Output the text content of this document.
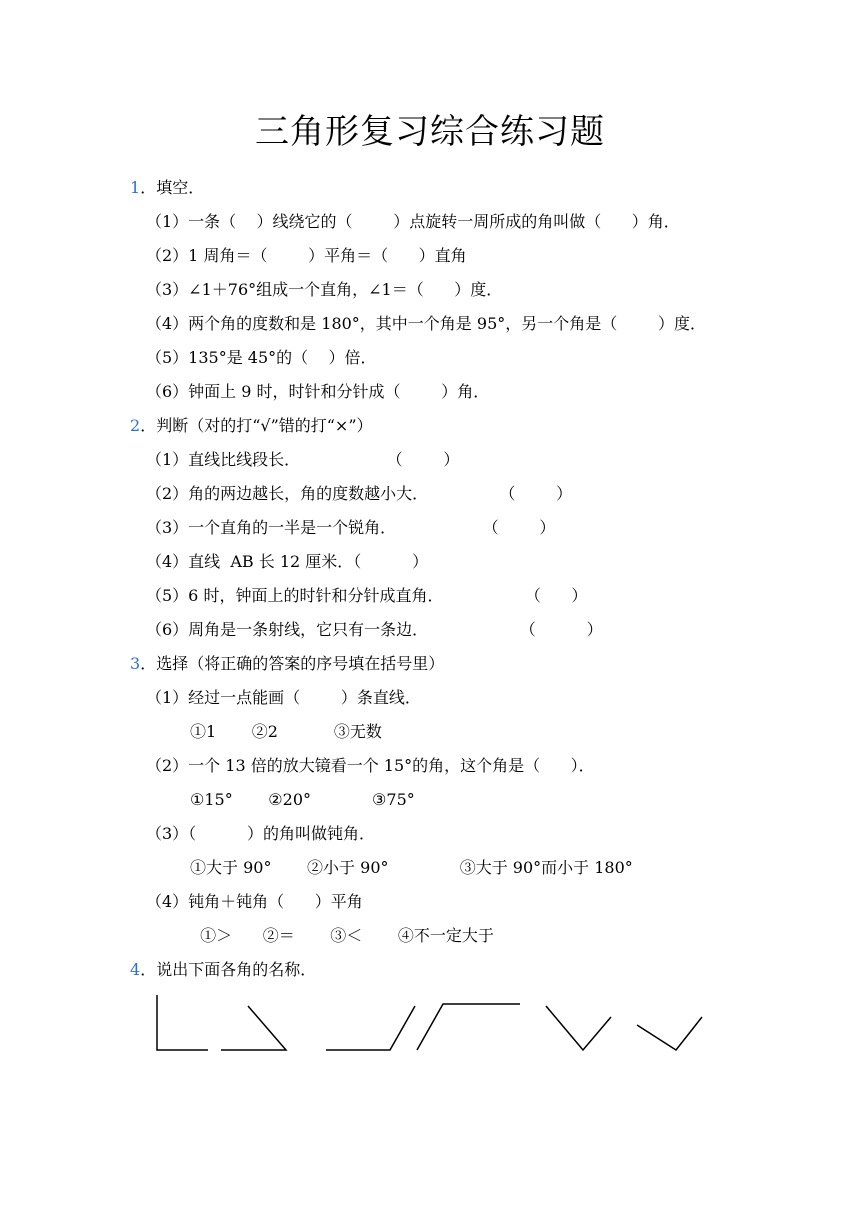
三角形复习综合练习题
1．填空．
（1）一条（    ）线绕它的（        ）点旋转一周所成的角叫做（      ）角．
（2）1 周角＝（        ）平角＝（      ）直角
（3）∠1＋76°组成一个直角，∠1＝（      ）度．
（4）两个角的度数和是 180°，其中一个角是 95°，另一个角是（        ）度．
（5）135°是 45°的（    ）倍．
（6）钟面上 9 时，时针和分针成（        ）角．
2．判断（对的打“√”错的打“×”）
（1）直线比线段长．                 （        ）
（2）角的两边越长，角的度数越小大．              （        ）
（3）一个直角的一半是一个锐角．                 （        ）
（4）直线  AB 长 12 厘米．（          ）
（5）6 时，钟面上的时针和分针成直角．                （      ）
（6）周角是一条射线，它只有一条边．                  （          ）
3．选择（将正确的答案的序号填在括号里）
（1）经过一点能画（        ）条直线．
①1       ②2           ③无数
（2）一个 13 倍的放大镜看一个 15°的角，这个角是（      ）．
①15°       ②20°            ③75°
（3）（          ）的角叫做钝角．
①大于 90°       ②小于 90°              ③大于 90°而小于 180°
（4）钝角＋钝角（      ）平角
①＞      ②＝       ③＜       ④不一定大于
4．说出下面各角的名称．
